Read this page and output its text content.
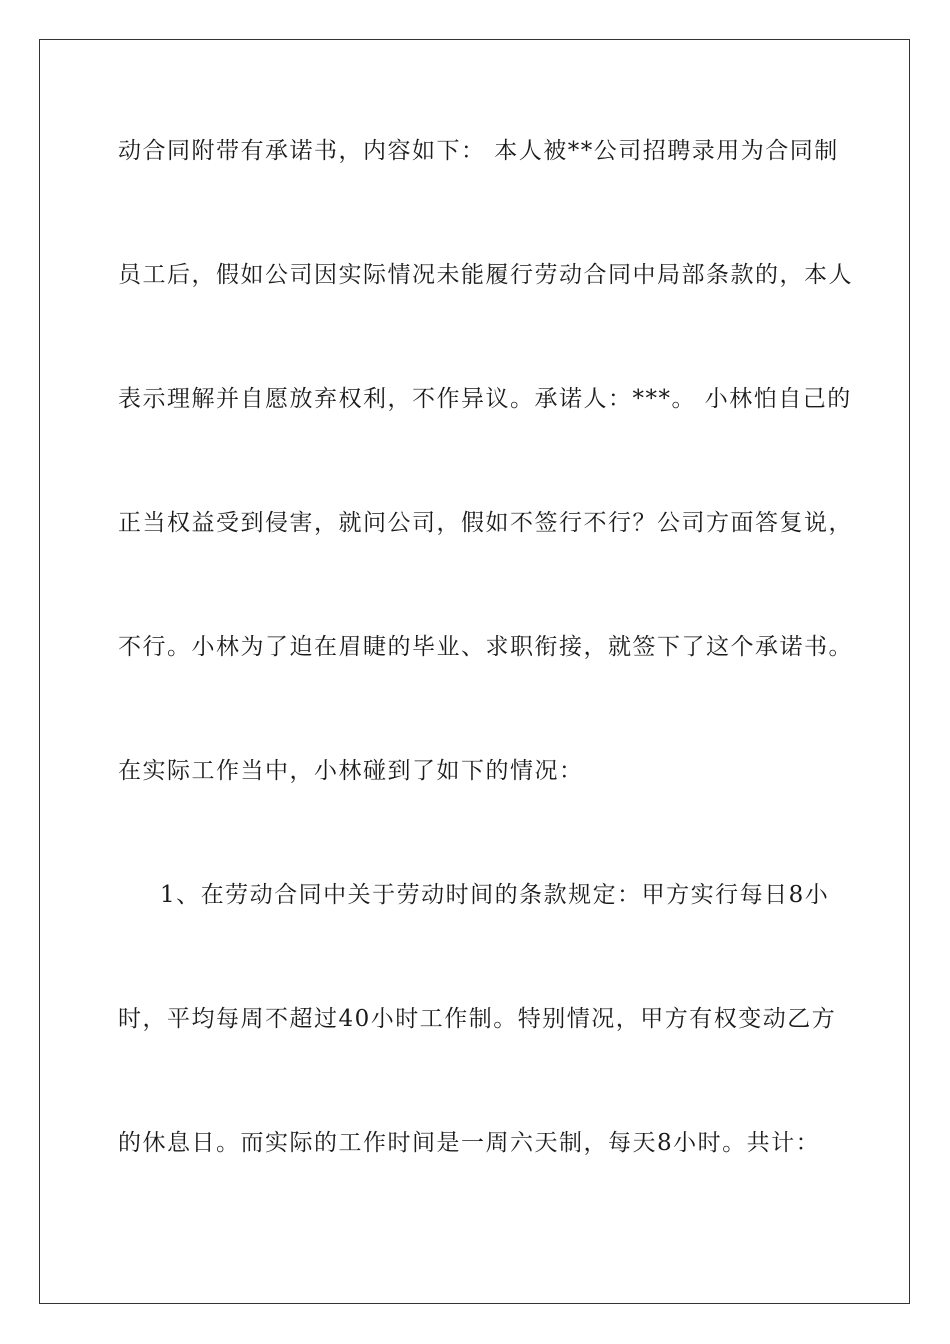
动合同附带有承诺书，内容如下： 本人被**公司招聘录用为合同制
员工后，假如公司因实际情况未能履行劳动合同中局部条款的，本人
表示理解并自愿放弃权利，不作异议。承诺人：***。 小林怕自己的
正当权益受到侵害，就问公司，假如不签行不行？公司方面答复说，
不行。小林为了迫在眉睫的毕业、求职衔接，就签下了这个承诺书。
在实际工作当中，小林碰到了如下的情况：
1、在劳动合同中关于劳动时间的条款规定：甲方实行每日8小
时，平均每周不超过40小时工作制。特别情况，甲方有权变动乙方
的休息日。而实际的工作时间是一周六天制，每天8小时。共计：
